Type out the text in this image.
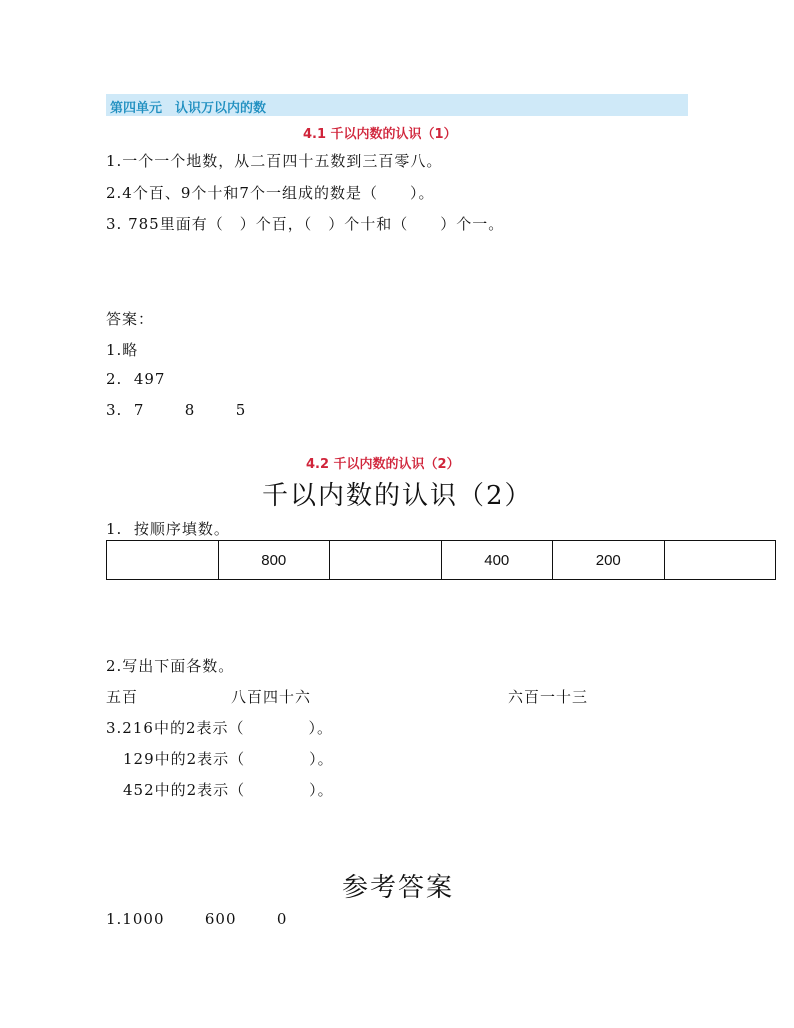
第四单元　认识万以内的数
4.1 千以内数的认识（1）
1.一个一个地数，从二百四十五数到三百零八。
2.4个百、9个十和7个一组成的数是（　　）。
3. 785里面有（　）个百，（　）个十和（　　）个一。
答案：
1.略
2.  497
3.  7       8       5
4.2 千以内数的认识（2）
千以内数的认识（2）
1.  按顺序填数。
	800		400	200	
2.写出下面各数。
五百	八百四十六	六百一十三
3.216中的2表示（　　　　）。
129中的2表示（　　　　）。
452中的2表示（　　　　）。
参考答案
1.1000       600       0
